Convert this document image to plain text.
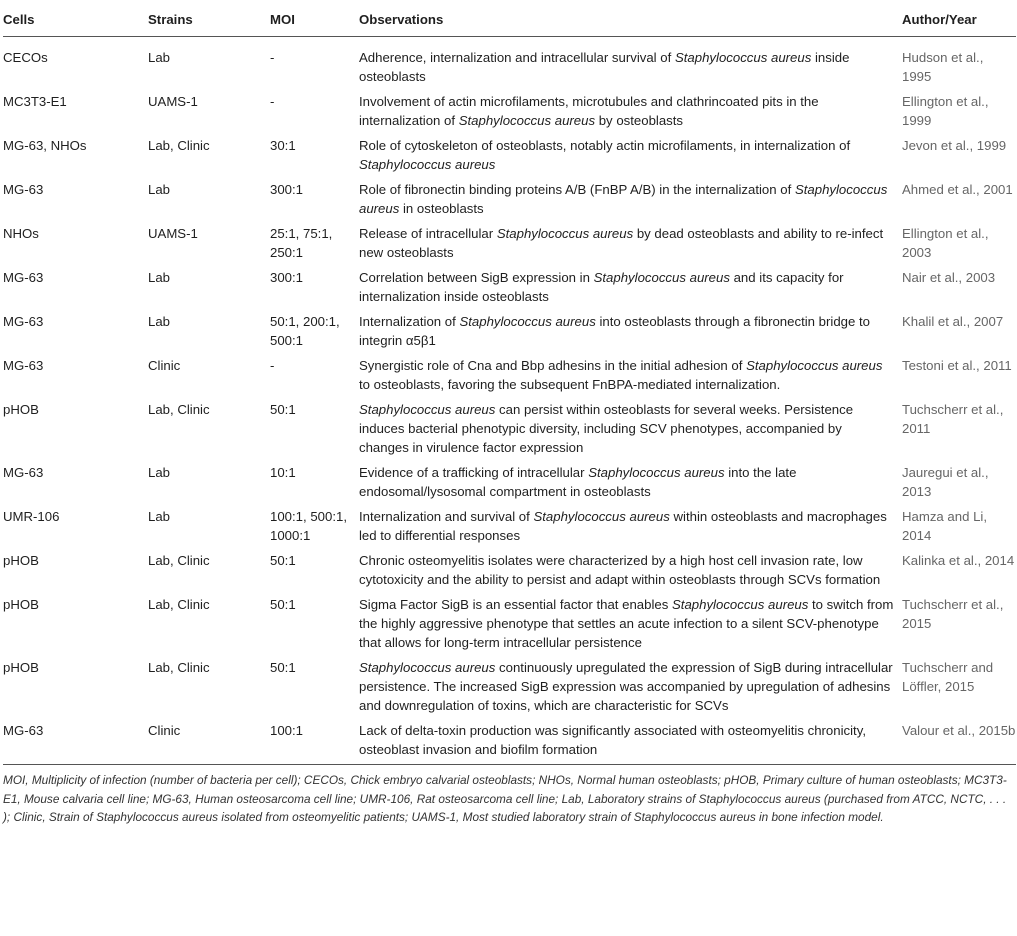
Cells	Strains	MOI	Observations	Author/Year
CECOs	Lab	-	Adherence, internalization and intracellular survival of Staphylococcus aureus inside osteoblasts	Hudson et al., 1995
MC3T3-E1	UAMS-1	-	Involvement of actin microfilaments, microtubules and clathrincoated pits in the internalization of Staphylococcus aureus by osteoblasts	Ellington et al., 1999
MG-63, NHOs	Lab, Clinic	30:1	Role of cytoskeleton of osteoblasts, notably actin microfilaments, in internalization of Staphylococcus aureus	Jevon et al., 1999
MG-63	Lab	300:1	Role of fibronectin binding proteins A/B (FnBP A/B) in the internalization of Staphylococcus aureus in osteoblasts	Ahmed et al., 2001
NHOs	UAMS-1	25:1, 75:1, 250:1	Release of intracellular Staphylococcus aureus by dead osteoblasts and ability to re-infect new osteoblasts	Ellington et al., 2003
MG-63	Lab	300:1	Correlation between SigB expression in Staphylococcus aureus and its capacity for internalization inside osteoblasts	Nair et al., 2003
MG-63	Lab	50:1, 200:1, 500:1	Internalization of Staphylococcus aureus into osteoblasts through a fibronectin bridge to integrin α5β1	Khalil et al., 2007
MG-63	Clinic	-	Synergistic role of Cna and Bbp adhesins in the initial adhesion of Staphylococcus aureus to osteoblasts, favoring the subsequent FnBPA-mediated internalization.	Testoni et al., 2011
pHOB	Lab, Clinic	50:1	Staphylococcus aureus can persist within osteoblasts for several weeks. Persistence induces bacterial phenotypic diversity, including SCV phenotypes, accompanied by changes in virulence factor expression	Tuchscherr et al., 2011
MG-63	Lab	10:1	Evidence of a trafficking of intracellular Staphylococcus aureus into the late endosomal/lysosomal compartment in osteoblasts	Jauregui et al., 2013
UMR-106	Lab	100:1, 500:1, 1000:1	Internalization and survival of Staphylococcus aureus within osteoblasts and macrophages led to differential responses	Hamza and Li, 2014
pHOB	Lab, Clinic	50:1	Chronic osteomyelitis isolates were characterized by a high host cell invasion rate, low cytotoxicity and the ability to persist and adapt within osteoblasts through SCVs formation	Kalinka et al., 2014
pHOB	Lab, Clinic	50:1	Sigma Factor SigB is an essential factor that enables Staphylococcus aureus to switch from the highly aggressive phenotype that settles an acute infection to a silent SCV-phenotype that allows for long-term intracellular persistence	Tuchscherr et al., 2015
pHOB	Lab, Clinic	50:1	Staphylococcus aureus continuously upregulated the expression of SigB during intracellular persistence. The increased SigB expression was accompanied by upregulation of adhesins and downregulation of toxins, which are characteristic for SCVs	Tuchscherr and Löffler, 2015
MG-63	Clinic	100:1	Lack of delta-toxin production was significantly associated with osteomyelitis chronicity, osteoblast invasion and biofilm formation	Valour et al., 2015b
MOI, Multiplicity of infection (number of bacteria per cell); CECOs, Chick embryo calvarial osteoblasts; NHOs, Normal human osteoblasts; pHOB, Primary culture of human osteoblasts; MC3T3-E1, Mouse calvaria cell line; MG-63, Human osteosarcoma cell line; UMR-106, Rat osteosarcoma cell line; Lab, Laboratory strains of Staphylococcus aureus (purchased from ATCC, NCTC, . . . ); Clinic, Strain of Staphylococcus aureus isolated from osteomyelitic patients; UAMS-1, Most studied laboratory strain of Staphylococcus aureus in bone infection model.
